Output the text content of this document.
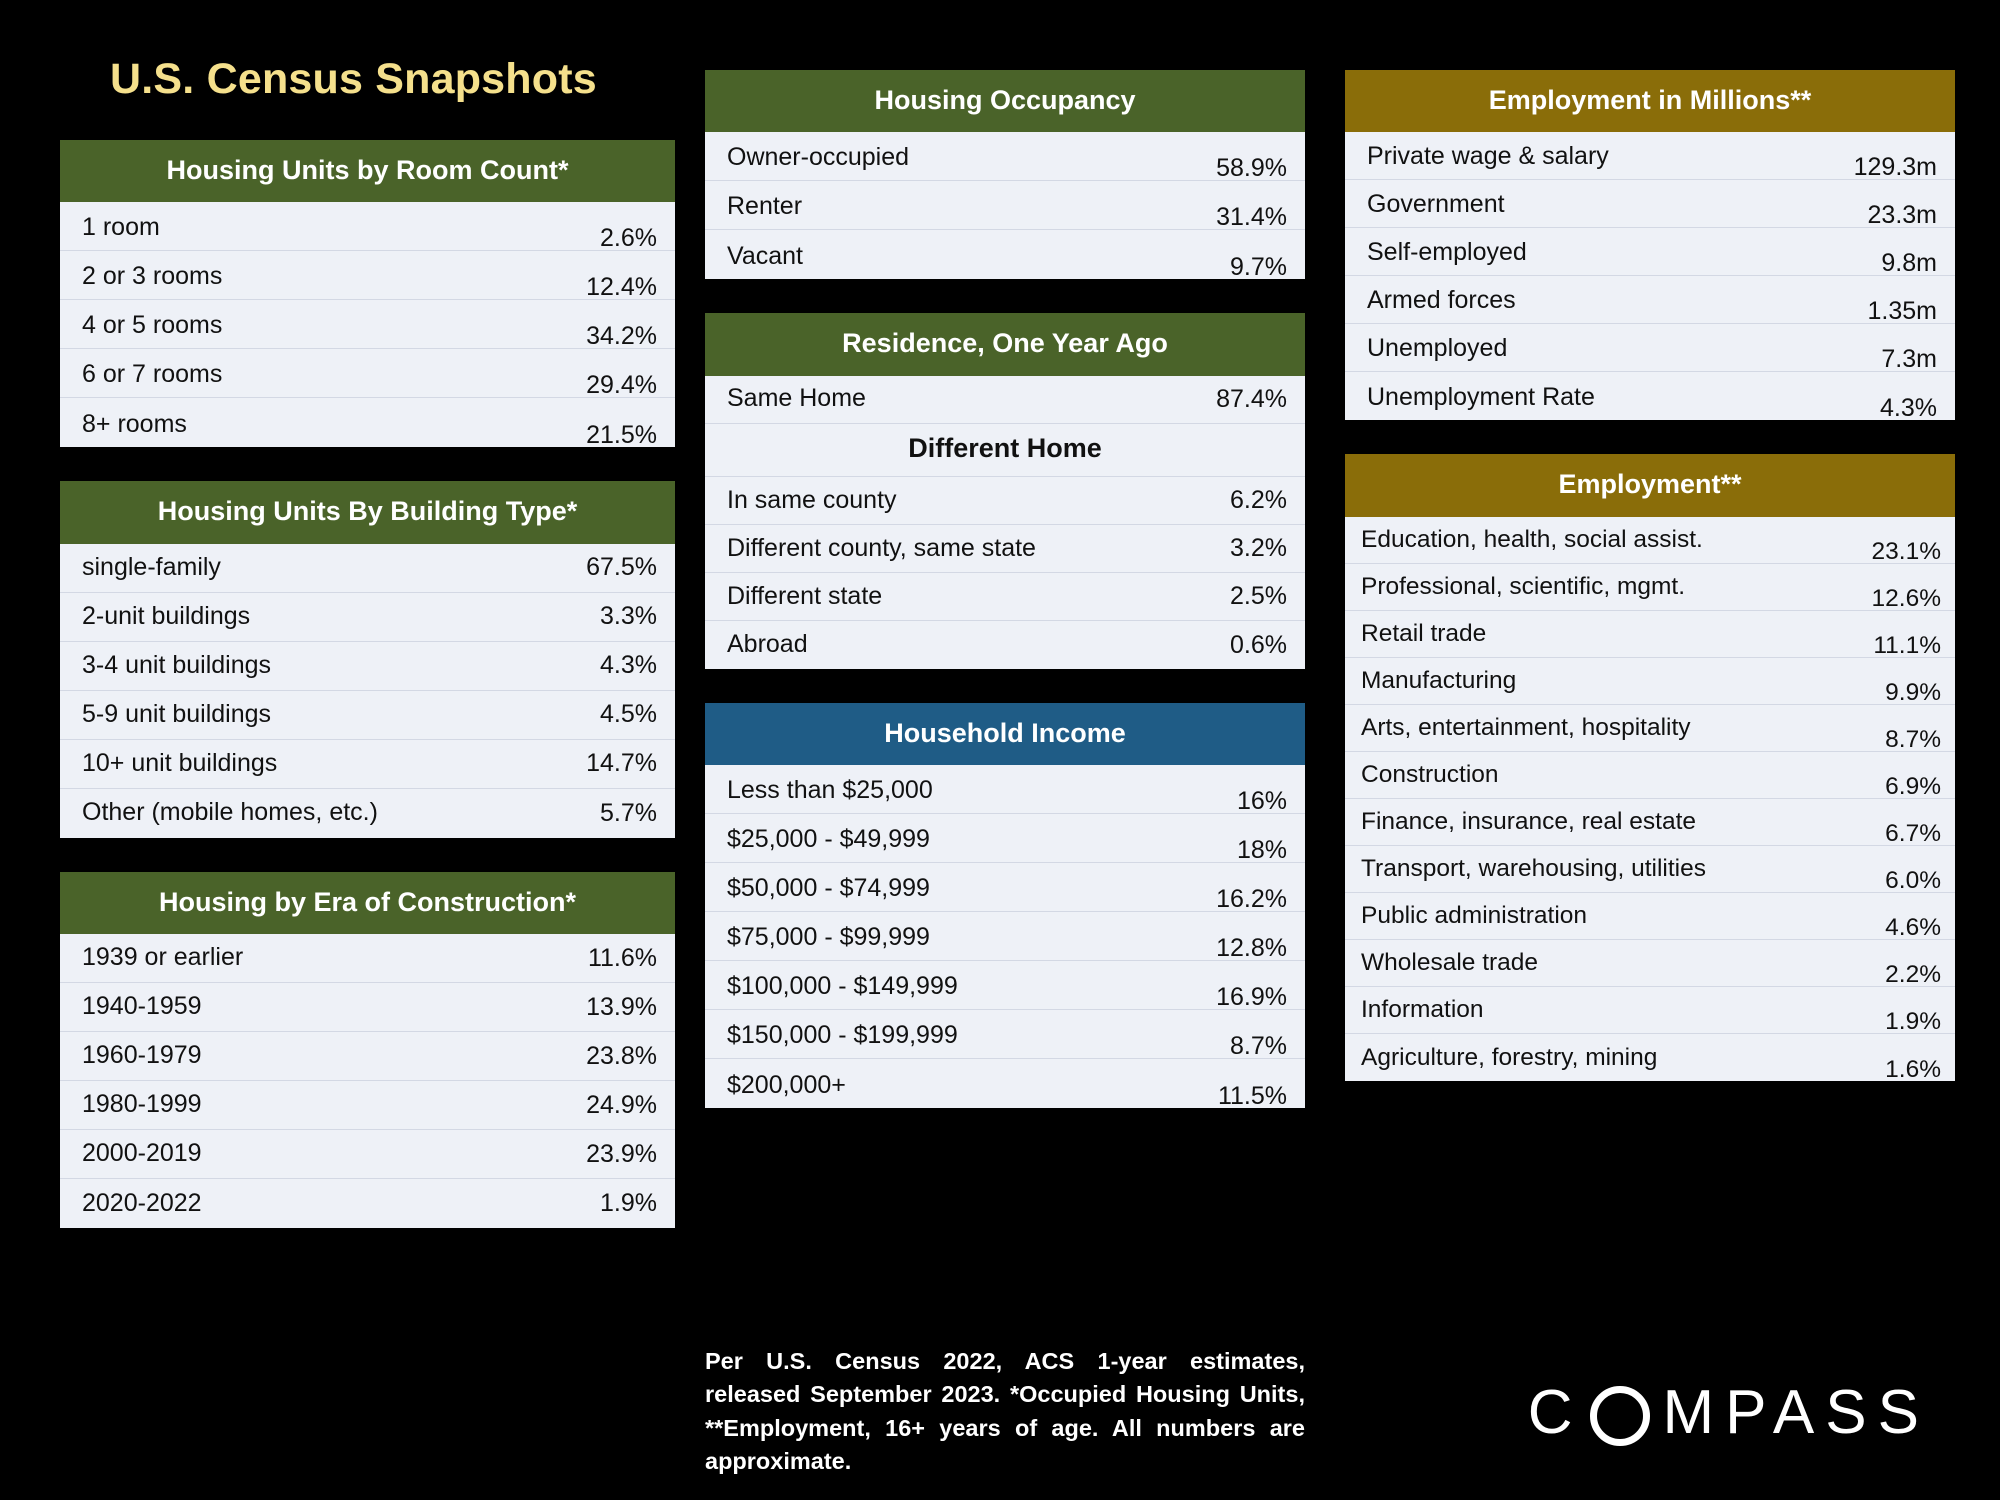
U.S. Census Snapshots
Housing Units by Room Count*
1 room	2.6%
2 or 3 rooms	12.4%
4 or 5 rooms	34.2%
6 or 7 rooms	29.4%
8+ rooms	21.5%
Housing Units By Building Type*
single-family	67.5%
2-unit buildings	3.3%
3-4 unit buildings	4.3%
5-9 unit buildings	4.5%
10+ unit buildings	14.7%
Other (mobile homes, etc.)	5.7%
Housing by Era of Construction*
1939 or earlier	11.6%
1940-1959	13.9%
1960-1979	23.8%
1980-1999	24.9%
2000-2019	23.9%
2020-2022	1.9%
Housing Occupancy
Owner-occupied	58.9%
Renter	31.4%
Vacant	9.7%
Residence, One Year Ago
Same Home	87.4%
Different Home
In same county	6.2%
Different county, same state	3.2%
Different state	2.5%
Abroad	0.6%
Household Income
Less than $25,000	16%
$25,000 - $49,999	18%
$50,000 - $74,999	16.2%
$75,000 - $99,999	12.8%
$100,000 - $149,999	16.9%
$150,000 - $199,999	8.7%
$200,000+	11.5%
Employment in Millions**
Private wage & salary	129.3m
Government	23.3m
Self-employed	9.8m
Armed forces	1.35m
Unemployed	7.3m
Unemployment Rate	4.3%
Employment**
Education, health, social assist.	23.1%
Professional, scientific, mgmt.	12.6%
Retail trade	11.1%
Manufacturing	9.9%
Arts, entertainment, hospitality	8.7%
Construction	6.9%
Finance, insurance, real estate	6.7%
Transport, warehousing, utilities	6.0%
Public administration	4.6%
Wholesale trade	2.2%
Information	1.9%
Agriculture, forestry, mining	1.6%
Per U.S. Census 2022, ACS 1-year estimates, released September 2023. *Occupied Housing Units, **Employment, 16+ years of age. All numbers are approximate.
C MPASS
